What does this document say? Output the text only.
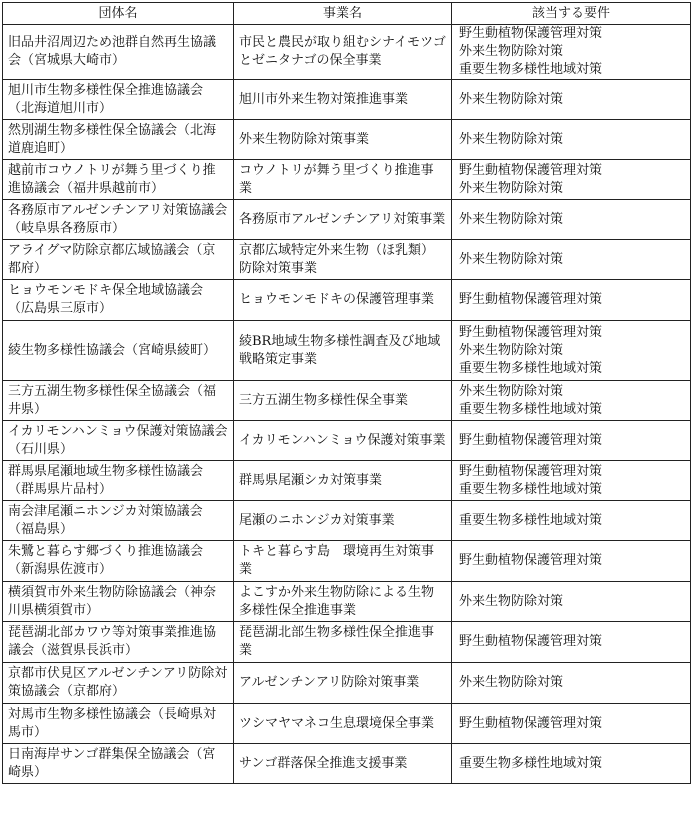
団体名	事業名	該当する要件
旧品井沼周辺ため池群自然再生協議会（宮城県大崎市）	市民と農民が取り組むシナイモツゴとゼニタナゴの保全事業	野生動植物保護管理対策
外来生物防除対策
重要生物多様性地域対策

旭川市生物多様性保全推進協議会（北海道旭川市）	旭川市外来生物対策推進事業	外来生物防除対策

然別湖生物多様性保全協議会（北海道鹿追町）	外来生物防除対策事業	外来生物防除対策

越前市コウノトリが舞う里づくり推進協議会（福井県越前市）	コウノトリが舞う里づくり推進事業	野生動植物保護管理対策
外来生物防除対策

各務原市アルゼンチンアリ対策協議会（岐阜県各務原市）	各務原市アルゼンチンアリ対策事業	外来生物防除対策

アライグマ防除京都広域協議会（京都府）	京都広域特定外来生物（ほ乳類）防除対策事業	外来生物防除対策

ヒョウモンモドキ保全地域協議会（広島県三原市）	ヒョウモンモドキの保護管理事業	野生動植物保護管理対策

綾生物多様性協議会（宮崎県綾町）	綾BR地域生物多様性調査及び地域戦略策定事業	野生動植物保護管理対策
外来生物防除対策
重要生物多様性地域対策

三方五湖生物多様性保全協議会（福井県）	三方五湖生物多様性保全事業	外来生物防除対策
重要生物多様性地域対策

イカリモンハンミョウ保護対策協議会（石川県）	イカリモンハンミョウ保護対策事業	野生動植物保護管理対策

群馬県尾瀬地域生物多様性協議会（群馬県片品村）	群馬県尾瀬シカ対策事業	野生動植物保護管理対策
重要生物多様性地域対策

南会津尾瀬ニホンジカ対策協議会（福島県）	尾瀬のニホンジカ対策事業	重要生物多様性地域対策

朱鷺と暮らす郷づくり推進協議会（新潟県佐渡市）	トキと暮らす島　環境再生対策事業	野生動植物保護管理対策

横須賀市外来生物防除協議会（神奈川県横須賀市）	よこすか外来生物防除による生物多様性保全推進事業	外来生物防除対策

琵琶湖北部カワウ等対策事業推進協議会（滋賀県長浜市）	琵琶湖北部生物多様性保全推進事業	野生動植物保護管理対策

京都市伏見区アルゼンチンアリ防除対策協議会（京都府）	アルゼンチンアリ防除対策事業	外来生物防除対策

対馬市生物多様性協議会（長崎県対馬市）	ツシマヤマネコ生息環境保全事業	野生動植物保護管理対策

日南海岸サンゴ群集保全協議会（宮崎県）	サンゴ群落保全推進支援事業	重要生物多様性地域対策
